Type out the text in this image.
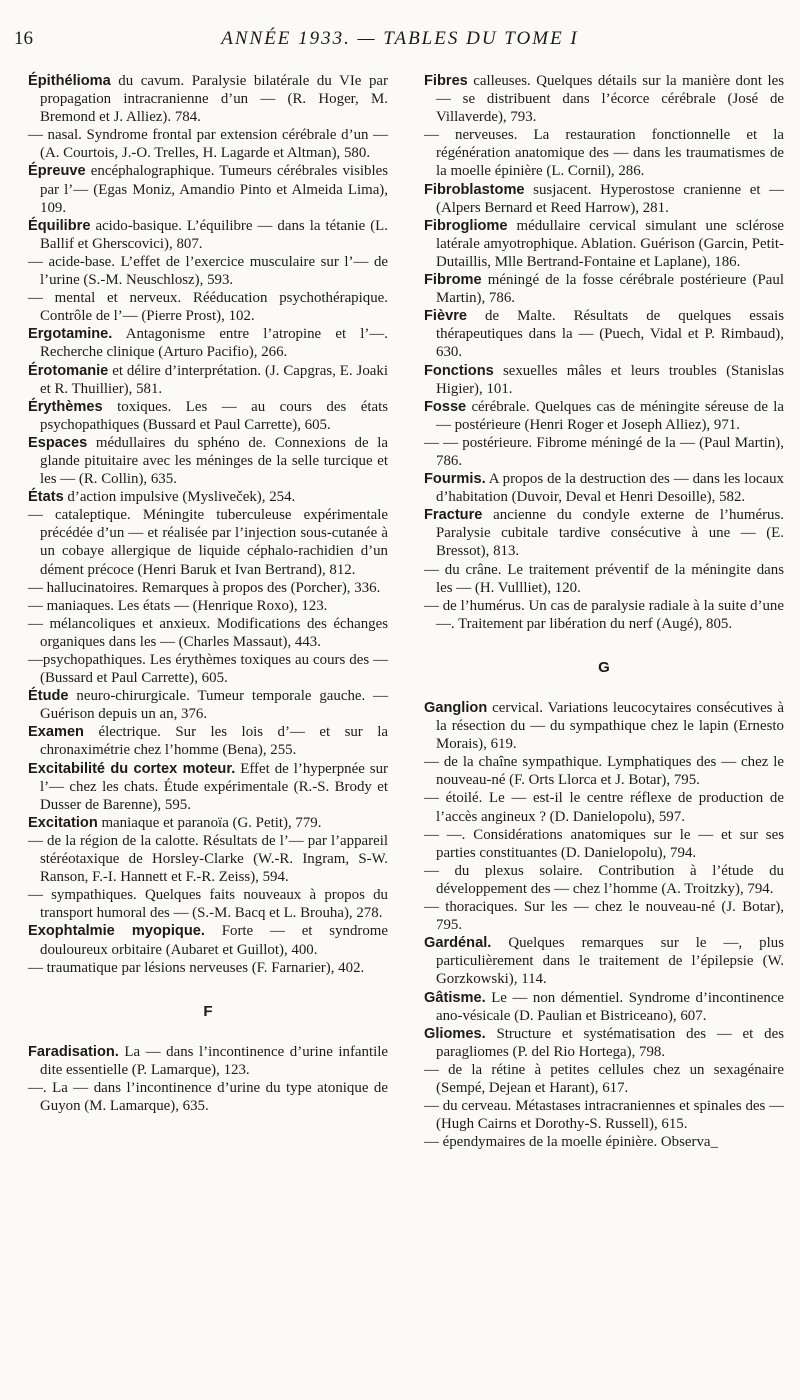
16	ANNÉE 1933. — TABLES DU TOME I

Épithélioma du cavum. Paralysie bilatérale du VIe par propagation intracranienne d’un — (R. Hoger, M. Bremond et J. Alliez). 784.

— nasal. Syndrome frontal par extension cérébrale d’un — (A. Courtois, J.-O. Trelles, H. Lagarde et Altman), 580.

Épreuve encéphalographique. Tumeurs cérébrales visibles par l’— (Egas Moniz, Amandio Pinto et Almeida Lima), 109.

Équilibre acido-basique. L’équilibre — dans la tétanie (L. Ballif et Gherscovici), 807.

— acide-base. L’effet de l’exercice musculaire sur l’— de l’urine (S.-M. Neuschlosz), 593.

— mental et nerveux. Rééducation psychothérapique. Contrôle de l’— (Pierre Prost), 102.

Ergotamine. Antagonisme entre l’atropine et l’—. Recherche clinique (Arturo Pacifio), 266.

Érotomanie et délire d’interprétation. (J. Capgras, E. Joaki et R. Thuillier), 581.

Érythèmes toxiques. Les — au cours des états psychopathiques (Bussard et Paul Carrette), 605.

Espaces médullaires du sphéno de. Connexions de la glande pituitaire avec les méninges de la selle turcique et les — (R. Collin), 635.

États d’action impulsive (Mysliveček), 254.

— cataleptique. Méningite tuberculeuse expérimentale précédée d’un — et réalisée par l’injection sous-cutanée à un cobaye allergique de liquide céphalo-rachidien d’un dément précoce (Henri Baruk et Ivan Bertrand), 812.

— hallucinatoires. Remarques à propos des (Porcher), 336.

— maniaques. Les états — (Henrique Roxo), 123.

— mélancoliques et anxieux. Modifications des échanges organiques dans les — (Charles Massaut), 443.

—psychopathiques. Les érythèmes toxiques au cours des — (Bussard et Paul Carrette), 605.

Étude neuro-chirurgicale. Tumeur temporale gauche. — Guérison depuis un an, 376.

Examen électrique. Sur les lois d’— et sur la chronaximétrie chez l’homme (Bena), 255.

Excitabilité du cortex moteur. Effet de l’hyperpnée sur l’— chez les chats. Étude expérimentale (R.-S. Brody et Dusser de Barenne), 595.

Excitation maniaque et paranoïa (G. Petit), 779.

— de la région de la calotte. Résultats de l’— par l’appareil stéréotaxique de Horsley-Clarke (W.-R. Ingram, S-W. Ranson, F.-I. Hannett et F.-R. Zeiss), 594.

— sympathiques. Quelques faits nouveaux à propos du transport humoral des — (S.-M. Bacq et L. Brouha), 278.

Exophtalmie myopique. Forte — et syndrome douloureux orbitaire (Aubaret et Guillot), 400.

— traumatique par lésions nerveuses (F. Farnarier), 402.

F

Faradisation. La — dans l’incontinence d’urine infantile dite essentielle (P. Lamarque), 123.

—. La — dans l’incontinence d’urine du type atonique de Guyon (M. Lamarque), 635.

Fibres calleuses. Quelques détails sur la manière dont les — se distribuent dans l’écorce cérébrale (José de Villaverde), 793.

— nerveuses. La restauration fonctionnelle et la régénération anatomique des — dans les traumatismes de la moelle épinière (L. Cornil), 286.

Fibroblastome susjacent. Hyperostose cranienne et — (Alpers Bernard et Reed Harrow), 281.

Fibrogliome médullaire cervical simulant une sclérose latérale amyotrophique. Ablation. Guérison (Garcin, Petit-Dutaillis, Mlle Bertrand-Fontaine et Laplane), 186.

Fibrome méningé de la fosse cérébrale postérieure (Paul Martin), 786.

Fièvre de Malte. Résultats de quelques essais thérapeutiques dans la — (Puech, Vidal et P. Rimbaud), 630.

Fonctions sexuelles mâles et leurs troubles (Stanislas Higier), 101.

Fosse cérébrale. Quelques cas de méningite séreuse de la — postérieure (Henri Roger et Joseph Alliez), 971.

— — postérieure. Fibrome méningé de la — (Paul Martin), 786.

Fourmis. A propos de la destruction des — dans les locaux d’habitation (Duvoir, Deval et Henri Desoille), 582.

Fracture ancienne du condyle externe de l’humérus. Paralysie cubitale tardive consécutive à une — (E. Bressot), 813.

— du crâne. Le traitement préventif de la méningite dans les — (H. Vullliet), 120.

— de l’humérus. Un cas de paralysie radiale à la suite d’une —. Traitement par libération du nerf (Augé), 805.

G

Ganglion cervical. Variations leucocytaires consécutives à la résection du — du sympathique chez le lapin (Ernesto Morais), 619.

— de la chaîne sympathique. Lymphatiques des — chez le nouveau-né (F. Orts Llorca et J. Botar), 795.

— étoilé. Le — est-il le centre réflexe de production de l’accès angineux ? (D. Danielopolu), 597.

— —. Considérations anatomiques sur le — et sur ses parties constituantes (D. Danielopolu), 794.

— du plexus solaire. Contribution à l’étude du développement des — chez l’homme (A. Troitzky), 794.

— thoraciques. Sur les — chez le nouveau-né (J. Botar), 795.

Gardénal. Quelques remarques sur le —, plus particulièrement dans le traitement de l’épilepsie (W. Gorzkowski), 114.

Gâtisme. Le — non démentiel. Syndrome d’incontinence ano-vésicale (D. Paulian et Bistriceano), 607.

Gliomes. Structure et systématisation des — et des paragliomes (P. del Rio Hortega), 798.

— de la rétine à petites cellules chez un sexagénaire (Sempé, Dejean et Harant), 617.

— du cerveau. Métastases intracraniennes et spinales des — (Hugh Cairns et Dorothy-S. Russell), 615.

— épendymaires de la moelle épinière. Observa_
